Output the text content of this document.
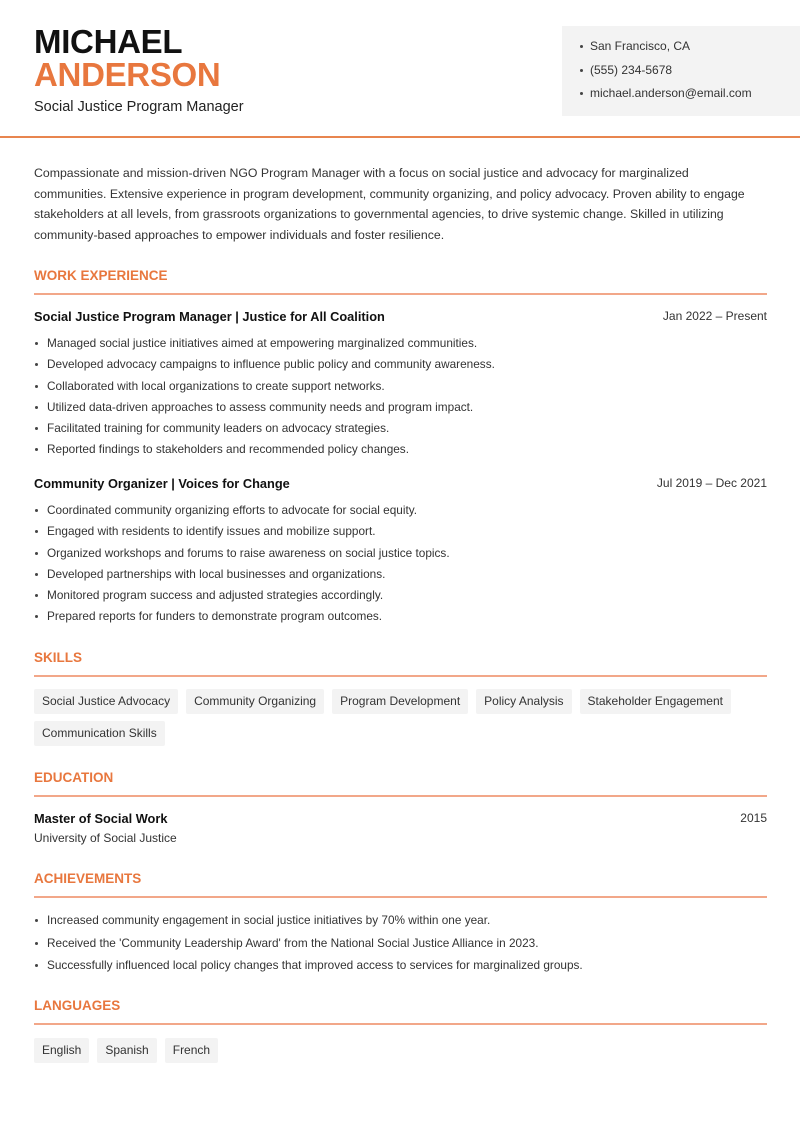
MICHAEL
ANDERSON
Social Justice Program Manager
San Francisco, CA
(555) 234-5678
michael.anderson@email.com

Compassionate and mission-driven NGO Program Manager with a focus on social justice and advocacy for marginalized communities. Extensive experience in program development, community organizing, and policy advocacy. Proven ability to engage stakeholders at all levels, from grassroots organizations to governmental agencies, to drive systemic change. Skilled in utilizing community-based approaches to empower individuals and foster resilience.

WORK EXPERIENCE
Social Justice Program Manager | Justice for All Coalition	Jan 2022 – Present
Managed social justice initiatives aimed at empowering marginalized communities.
Developed advocacy campaigns to influence public policy and community awareness.
Collaborated with local organizations to create support networks.
Utilized data-driven approaches to assess community needs and program impact.
Facilitated training for community leaders on advocacy strategies.
Reported findings to stakeholders and recommended policy changes.
Community Organizer | Voices for Change	Jul 2019 – Dec 2021
Coordinated community organizing efforts to advocate for social equity.
Engaged with residents to identify issues and mobilize support.
Organized workshops and forums to raise awareness on social justice topics.
Developed partnerships with local businesses and organizations.
Monitored program success and adjusted strategies accordingly.
Prepared reports for funders to demonstrate program outcomes.
SKILLS
Social Justice Advocacy	Community Organizing	Program Development	Policy Analysis	Stakeholder Engagement
Communication Skills
EDUCATION
Master of Social Work	2015
University of Social Justice
ACHIEVEMENTS
Increased community engagement in social justice initiatives by 70% within one year.
Received the 'Community Leadership Award' from the National Social Justice Alliance in 2023.
Successfully influenced local policy changes that improved access to services for marginalized groups.
LANGUAGES
English	Spanish	French
